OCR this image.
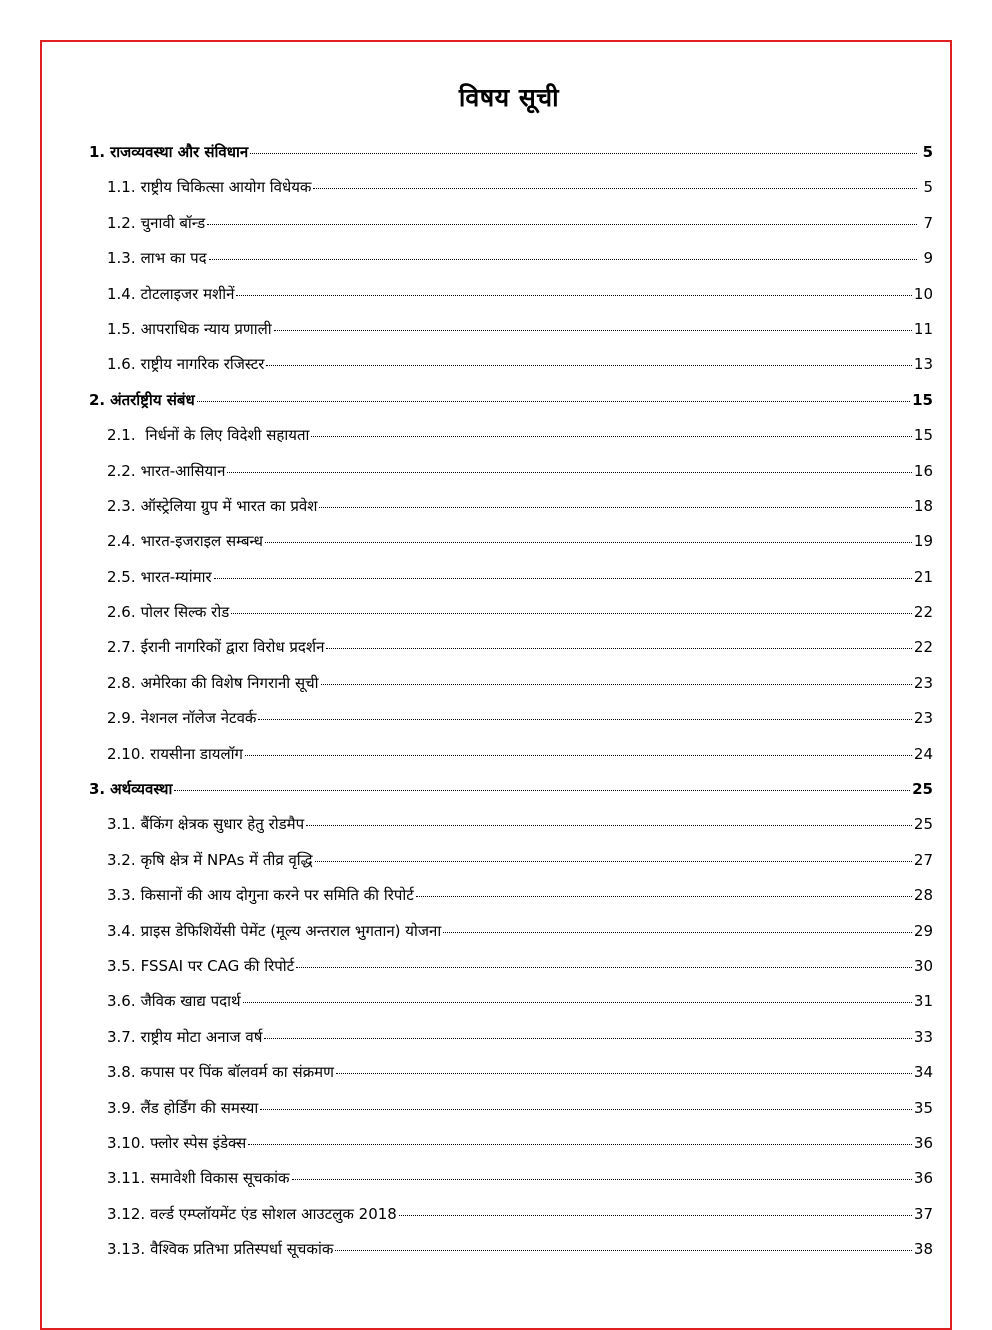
विषय सूची
1. राजव्यवस्था और संविधान	5
1.1. राष्ट्रीय चिकित्सा आयोग विधेयक	5
1.2. चुनावी बॉन्ड	7
1.3. लाभ का पद	9
1.4. टोटलाइजर मशीनें	10
1.5. आपराधिक न्याय प्रणाली	11
1.6. राष्ट्रीय नागरिक रजिस्टर	13
2. अंतर्राष्ट्रीय संबंध	15
2.1. निर्धनों के लिए विदेशी सहायता	15
2.2. भारत-आसियान	16
2.3. ऑस्ट्रेलिया ग्रुप में भारत का प्रवेश	18
2.4. भारत-इजराइल सम्बन्ध	19
2.5. भारत-म्यांमार	21
2.6. पोलर सिल्क रोड	22
2.7. ईरानी नागरिकों द्वारा विरोध प्रदर्शन	22
2.8. अमेरिका की विशेष निगरानी सूची	23
2.9. नेशनल नॉलेज नेटवर्क	23
2.10. रायसीना डायलॉग	24
3. अर्थव्यवस्था	25
3.1. बैंकिंग क्षेत्रक सुधार हेतु रोडमैप	25
3.2. कृषि क्षेत्र में NPAs में तीव्र वृद्धि	27
3.3. किसानों की आय दोगुना करने पर समिति की रिपोर्ट	28
3.4. प्राइस डेफिशियेंसी पेमेंट (मूल्य अन्तराल भुगतान) योजना	29
3.5. FSSAI पर CAG की रिपोर्ट	30
3.6. जैविक खाद्य पदार्थ	31
3.7. राष्ट्रीय मोटा अनाज वर्ष	33
3.8. कपास पर पिंक बॉलवर्म का संक्रमण	34
3.9. लैंड होर्डिंग की समस्या	35
3.10. फ्लोर स्पेस इंडेक्स	36
3.11. समावेशी विकास सूचकांक	36
3.12. वर्ल्ड एम्प्लॉयमेंट एंड सोशल आउटलुक 2018	37
3.13. वैश्विक प्रतिभा प्रतिस्पर्धा सूचकांक	38
